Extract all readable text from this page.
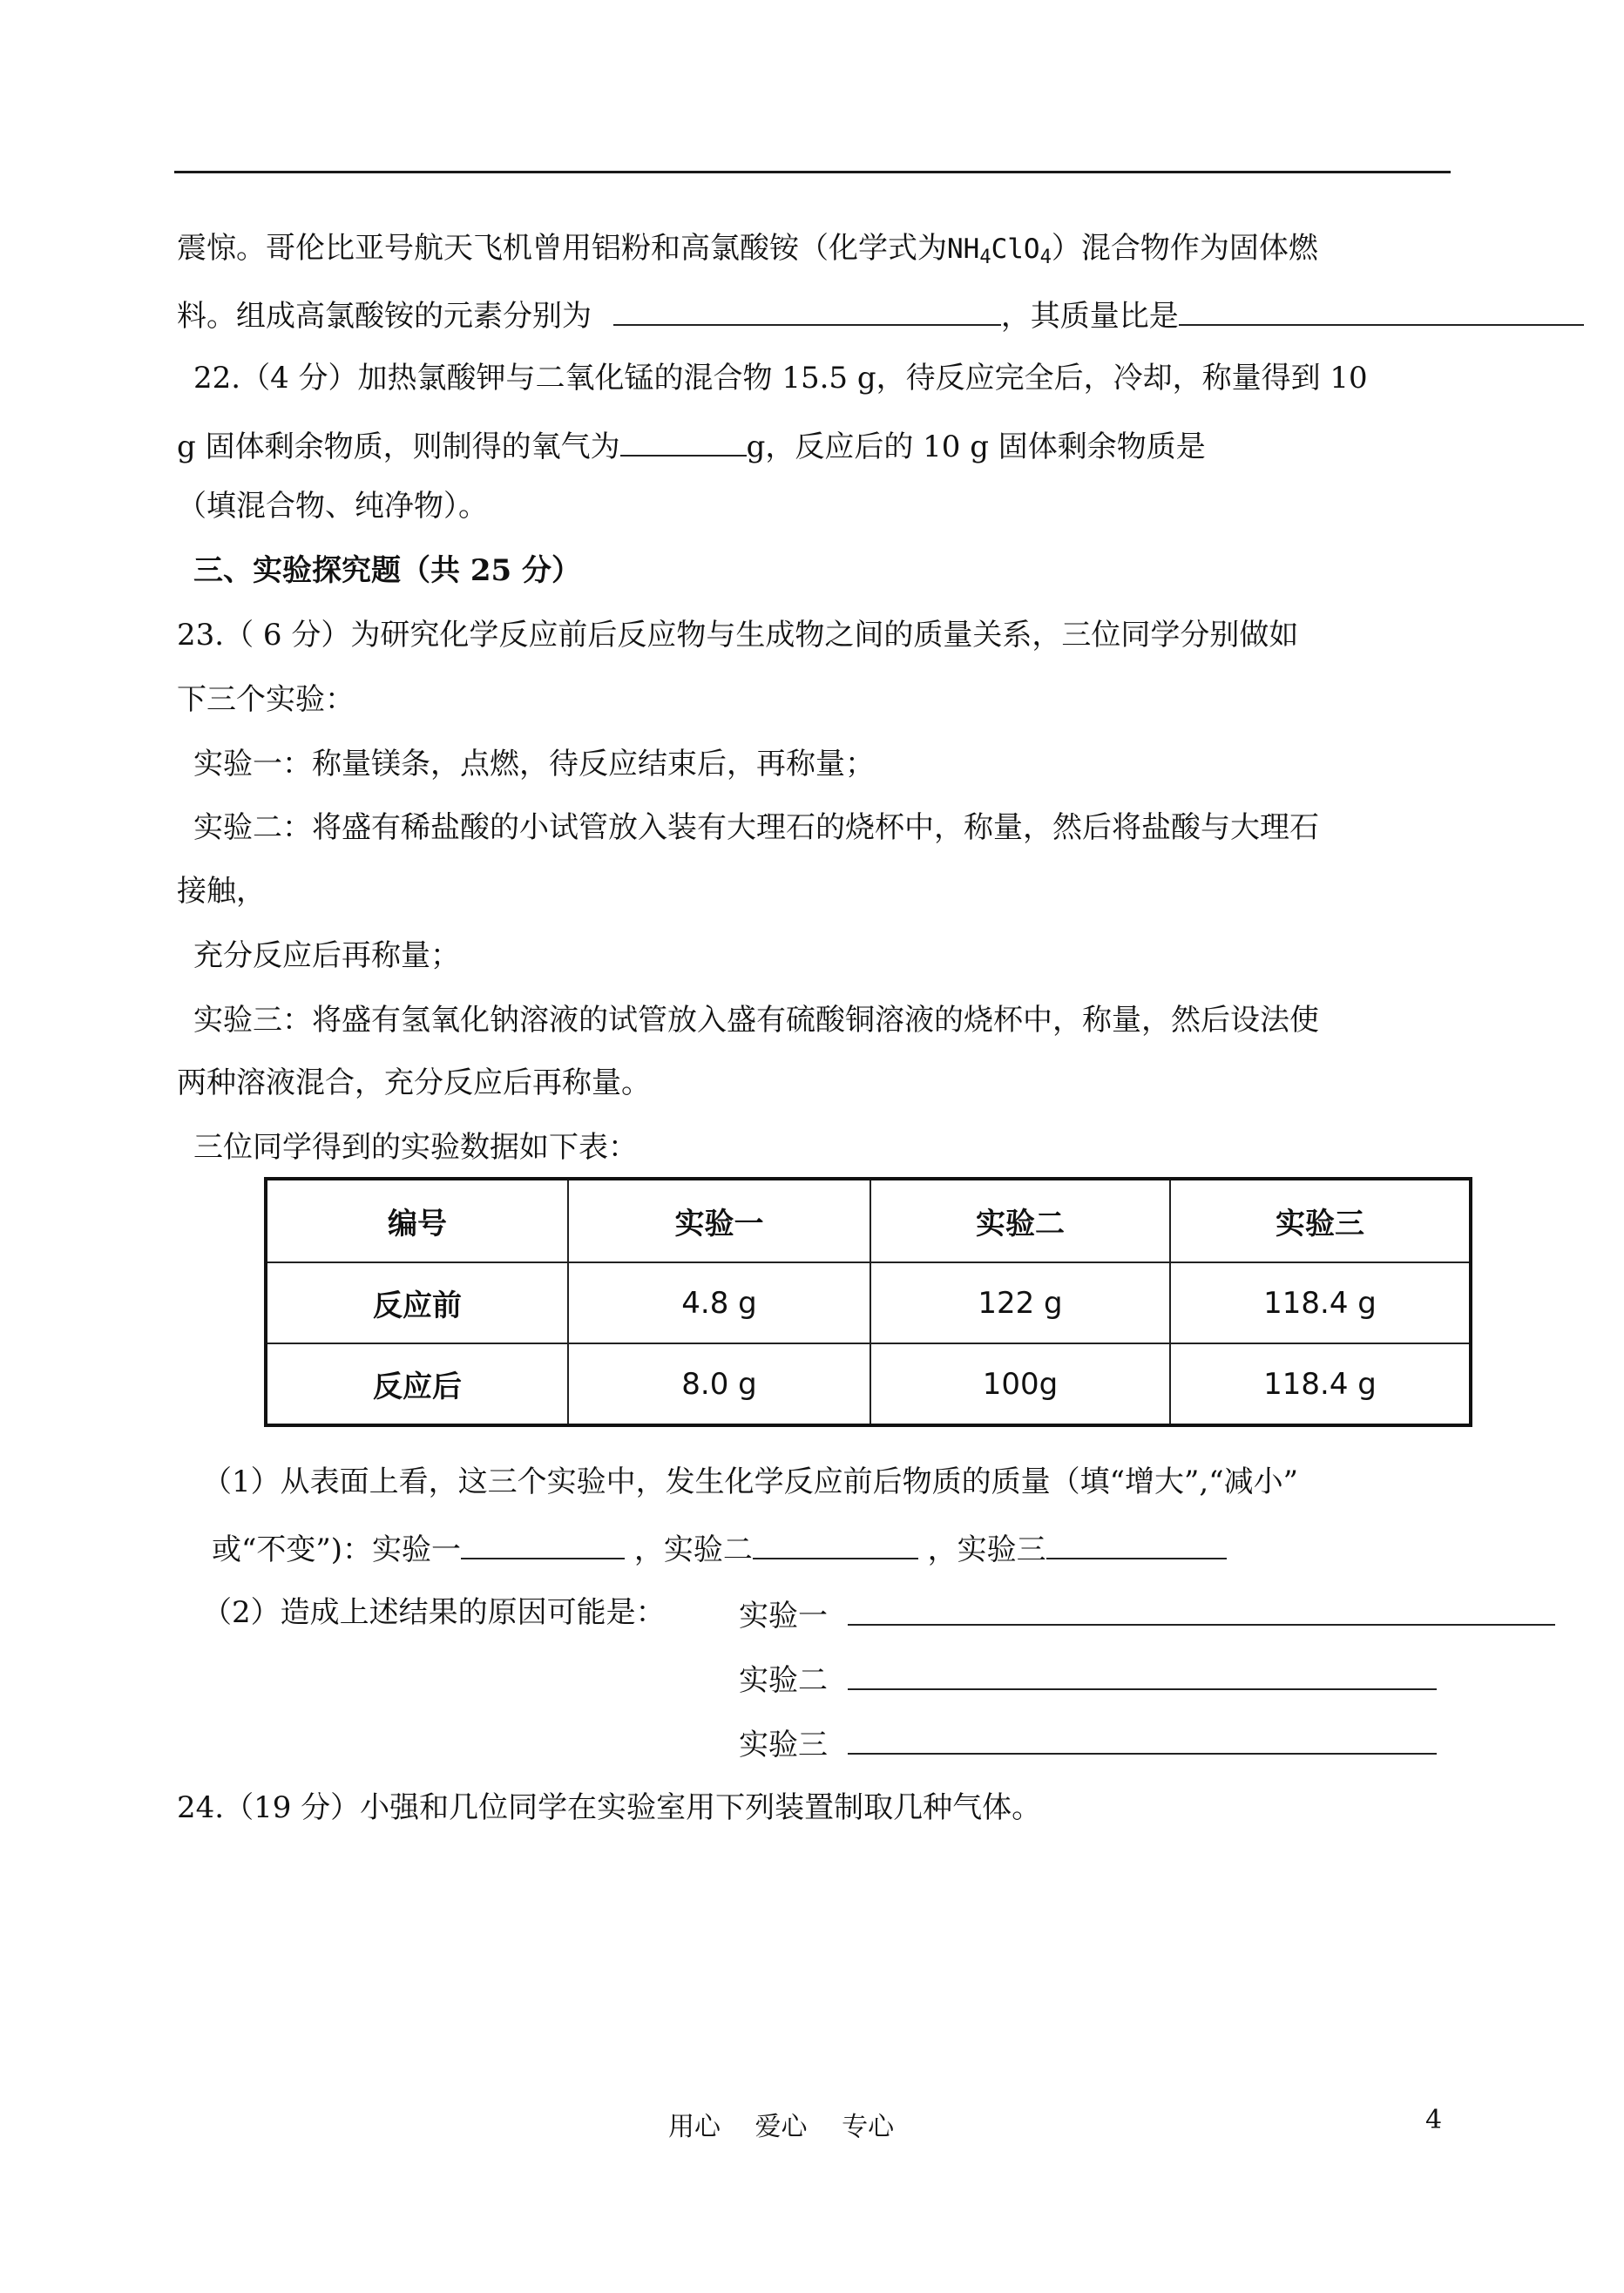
震惊。哥伦比亚号航天飞机曾用铝粉和高氯酸铵（化学式为$NH_4ClO_4$）混合物作为固体燃
料。组成高氯酸铵的元素分别为	，其质量比是
22.（4 分）加热氯酸钾与二氧化锰的混合物 15.5 g，待反应完全后，冷却，称量得到 10
g 固体剩余物质，则制得的氧气为	g，反应后的 10 g 固体剩余物质是
（填混合物、纯净物）。
三、实验探究题（共 25 分）
23.（ 6 分）为研究化学反应前后反应物与生成物之间的质量关系，三位同学分别做如
下三个实验：
实验一：称量镁条，点燃，待反应结束后，再称量；
实验二：将盛有稀盐酸的小试管放入装有大理石的烧杯中，称量，然后将盐酸与大理石
接触，
充分反应后再称量；
实验三：将盛有氢氧化钠溶液的试管放入盛有硫酸铜溶液的烧杯中，称量，然后设法使
两种溶液混合，充分反应后再称量。
三位同学得到的实验数据如下表：
编号	实验一	实验二	实验三
反应前	4.8 g	122 g	118.4 g
反应后	8.0 g	100g	118.4 g
（1）从表面上看，这三个实验中，发生化学反应前后物质的质量（填“增大”,“减小”
或“不变”)：实验一	，实验二	，实验三
（2）造成上述结果的原因可能是： 实验一
实验二
实验三
24.（19 分）小强和几位同学在实验室用下列装置制取几种气体。
用心　 爱心　 专心	4
